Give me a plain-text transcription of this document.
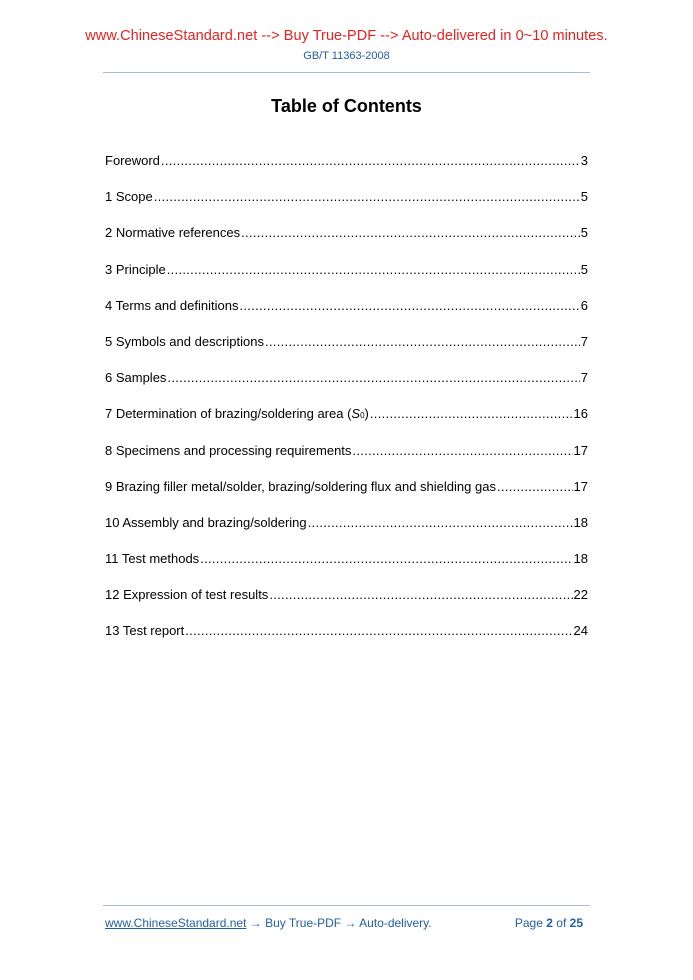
www.ChineseStandard.net --> Buy True-PDF --> Auto-delivered in 0~10 minutes.
GB/T 11363-2008
Table of Contents
Foreword .....	3
1 Scope .....	5
2 Normative references .....	5
3 Principle .....	5
4 Terms and definitions .....	6
5 Symbols and descriptions .....	7
6 Samples .....	7
7 Determination of brazing/soldering area (S0) .....	16
8 Specimens and processing requirements .....	17
9 Brazing filler metal/solder, brazing/soldering flux and shielding gas .....	17
10 Assembly and brazing/soldering .....	18
11 Test methods .....	18
12 Expression of test results .....	22
13 Test report .....	24
www.ChineseStandard.net → Buy True-PDF → Auto-delivery.	Page 2 of 25
